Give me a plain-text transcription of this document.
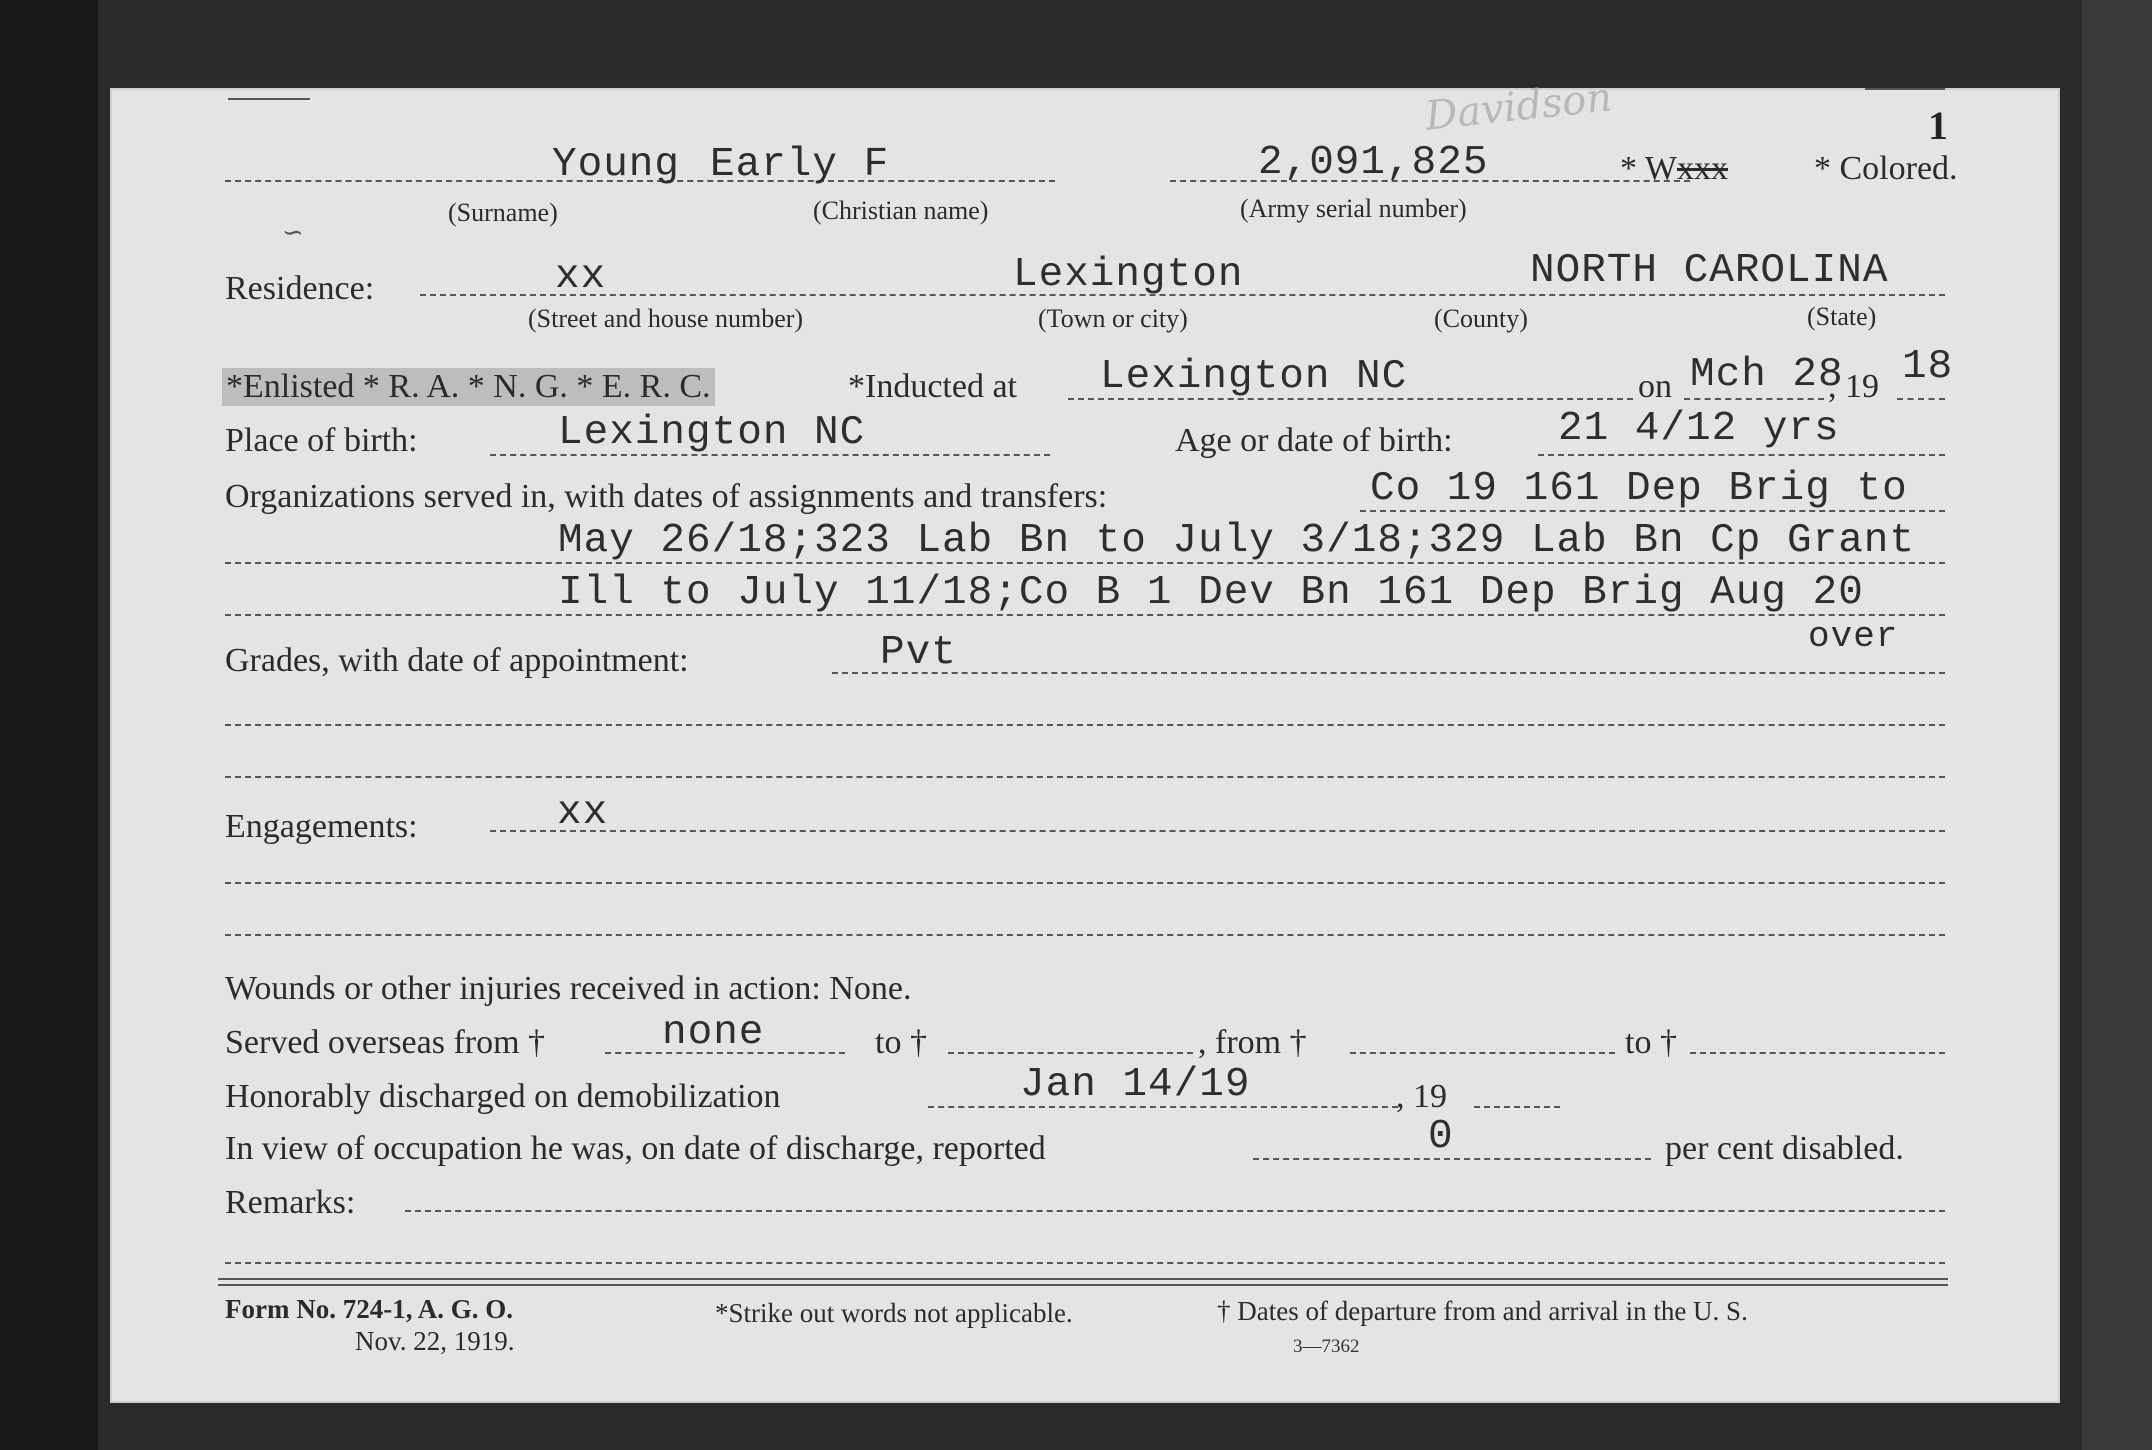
1
Davidson
Young Early F	2,091,825	* Wxxx	* Colored.
(Surname)	(Christian name)	(Army serial number)
∽
Residence:	xx	Lexington	NORTH CAROLINA
(Street and house number)	(Town or city)	(County)	(State)
*Enlisted * R. A. * N. G. * E. R. C.	*Inducted at Lexington NC	on Mch 28
, 19 18
Place of birth:	Lexington NC	Age or date of birth:	21 4/12 yrs
Organizations served in, with dates of assignments and transfers:	Co 19 161 Dep Brig to
May 26/18;323 Lab Bn to July 3/18;329 Lab Bn Cp Grant
Ill to July 11/18;Co B 1 Dev Bn 161 Dep Brig Aug 20
over
Grades, with date of appointment:	Pvt
Engagements:	xx
Wounds or other injuries received in action: None.
Served overseas from †	none	to †	, from †	to †
Honorably discharged on demobilization	Jan 14/19	, 19
In view of occupation he was, on date of discharge, reported	0	per cent disabled.
Remarks:
Form No. 724-1, A. G. O.
Nov. 22, 1919.
*Strike out words not applicable.	† Dates of departure from and arrival in the U. S.
3—7362
